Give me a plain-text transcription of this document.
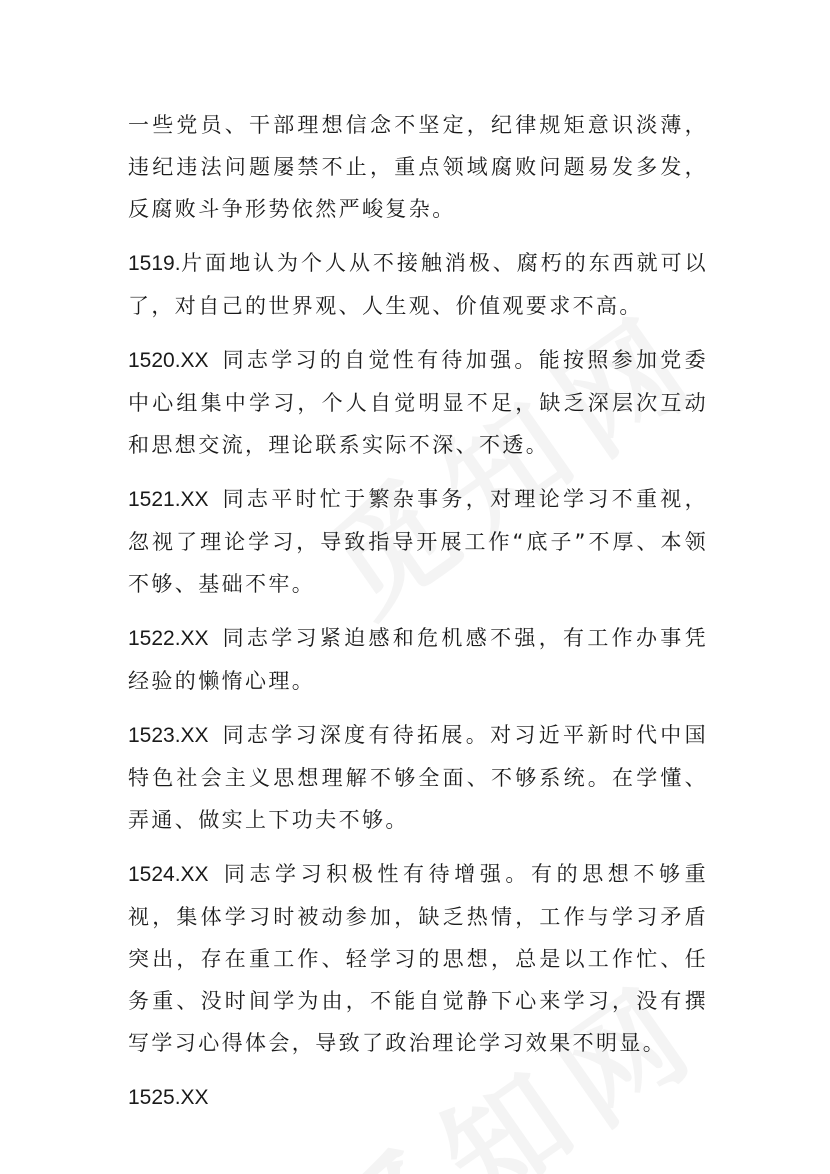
一些党员、干部理想信念不坚定，纪律规矩意识淡薄，违纪违法问题屡禁不止，重点领域腐败问题易发多发，反腐败斗争形势依然严峻复杂。

1519.片面地认为个人从不接触消极、腐朽的东西就可以了，对自己的世界观、人生观、价值观要求不高。

1520.XX 同志学习的自觉性有待加强。能按照参加党委中心组集中学习，个人自觉明显不足，缺乏深层次互动和思想交流，理论联系实际不深、不透。

1521.XX 同志平时忙于繁杂事务，对理论学习不重视，忽视了理论学习，导致指导开展工作“底子”不厚、本领不够、基础不牢。

1522.XX 同志学习紧迫感和危机感不强，有工作办事凭经验的懒惰心理。

1523.XX 同志学习深度有待拓展。对习近平新时代中国特色社会主义思想理解不够全面、不够系统。在学懂、弄通、做实上下功夫不够。

1524.XX 同志学习积极性有待增强。有的思想不够重视，集体学习时被动参加，缺乏热情，工作与学习矛盾突出，存在重工作、轻学习的思想，总是以工作忙、任务重、没时间学为由，不能自觉静下心来学习，没有撰写学习心得体会，导致了政治理论学习效果不明显。

1525.XX
